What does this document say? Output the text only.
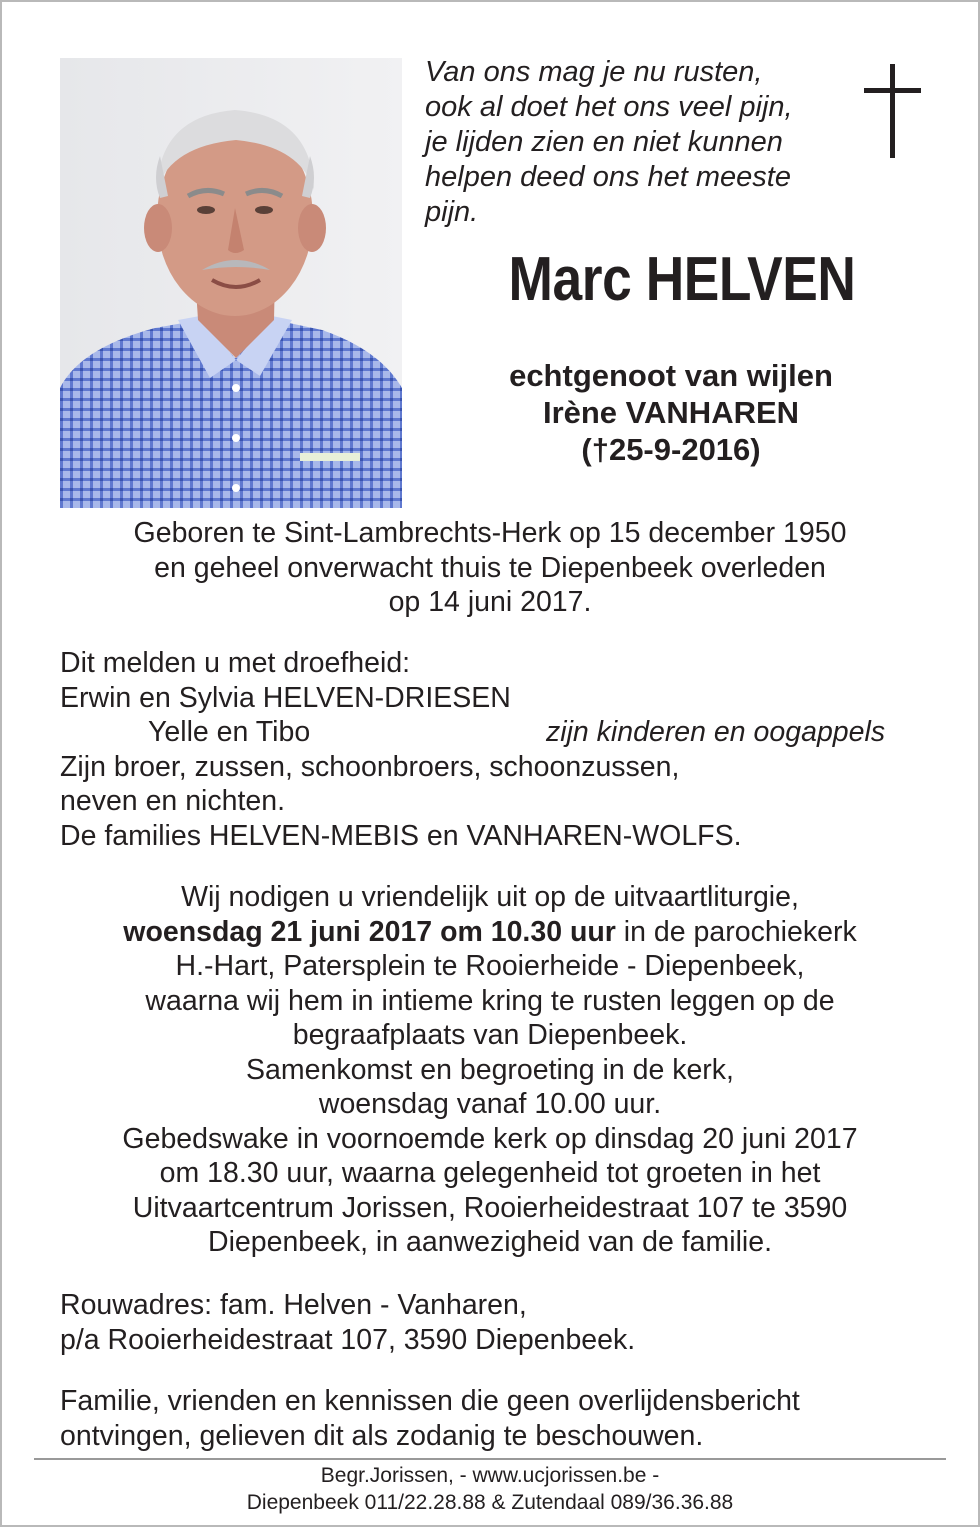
Van ons mag je nu rusten,
ook al doet het ons veel pijn,
je lijden zien en niet kunnen
helpen deed ons het meeste
pijn.
Marc HELVEN
echtgenoot van wijlen
Irène VANHAREN
(†25-9-2016)
Geboren te Sint-Lambrechts-Herk op 15 december 1950
en geheel onverwacht thuis te Diepenbeek overleden
op 14 juni 2017.
Dit melden u met droefheid:
Erwin en Sylvia HELVEN-DRIESEN
Yelle en Tibo	zijn kinderen en oogappels
Zijn broer, zussen, schoonbroers, schoonzussen,
neven en nichten.
De families HELVEN-MEBIS en VANHAREN-WOLFS.
Wij nodigen u vriendelijk uit op de uitvaartliturgie,
woensdag 21 juni 2017 om 10.30 uur in de parochiekerk
H.-Hart, Patersplein te Rooierheide - Diepenbeek,
waarna wij hem in intieme kring te rusten leggen op de
begraafplaats van Diepenbeek.
Samenkomst en begroeting in de kerk,
woensdag vanaf 10.00 uur.
Gebedswake in voornoemde kerk op dinsdag 20 juni 2017
om 18.30 uur, waarna gelegenheid tot groeten in het
Uitvaartcentrum Jorissen, Rooierheidestraat 107 te 3590
Diepenbeek, in aanwezigheid van de familie.
Rouwadres: fam. Helven - Vanharen,
p/a Rooierheidestraat 107, 3590 Diepenbeek.
Familie, vrienden en kennissen die geen overlijdensbericht
ontvingen, gelieven dit als zodanig te beschouwen.
Begr.Jorissen, - www.ucjorissen.be -
Diepenbeek 011/22.28.88 & Zutendaal 089/36.36.88
